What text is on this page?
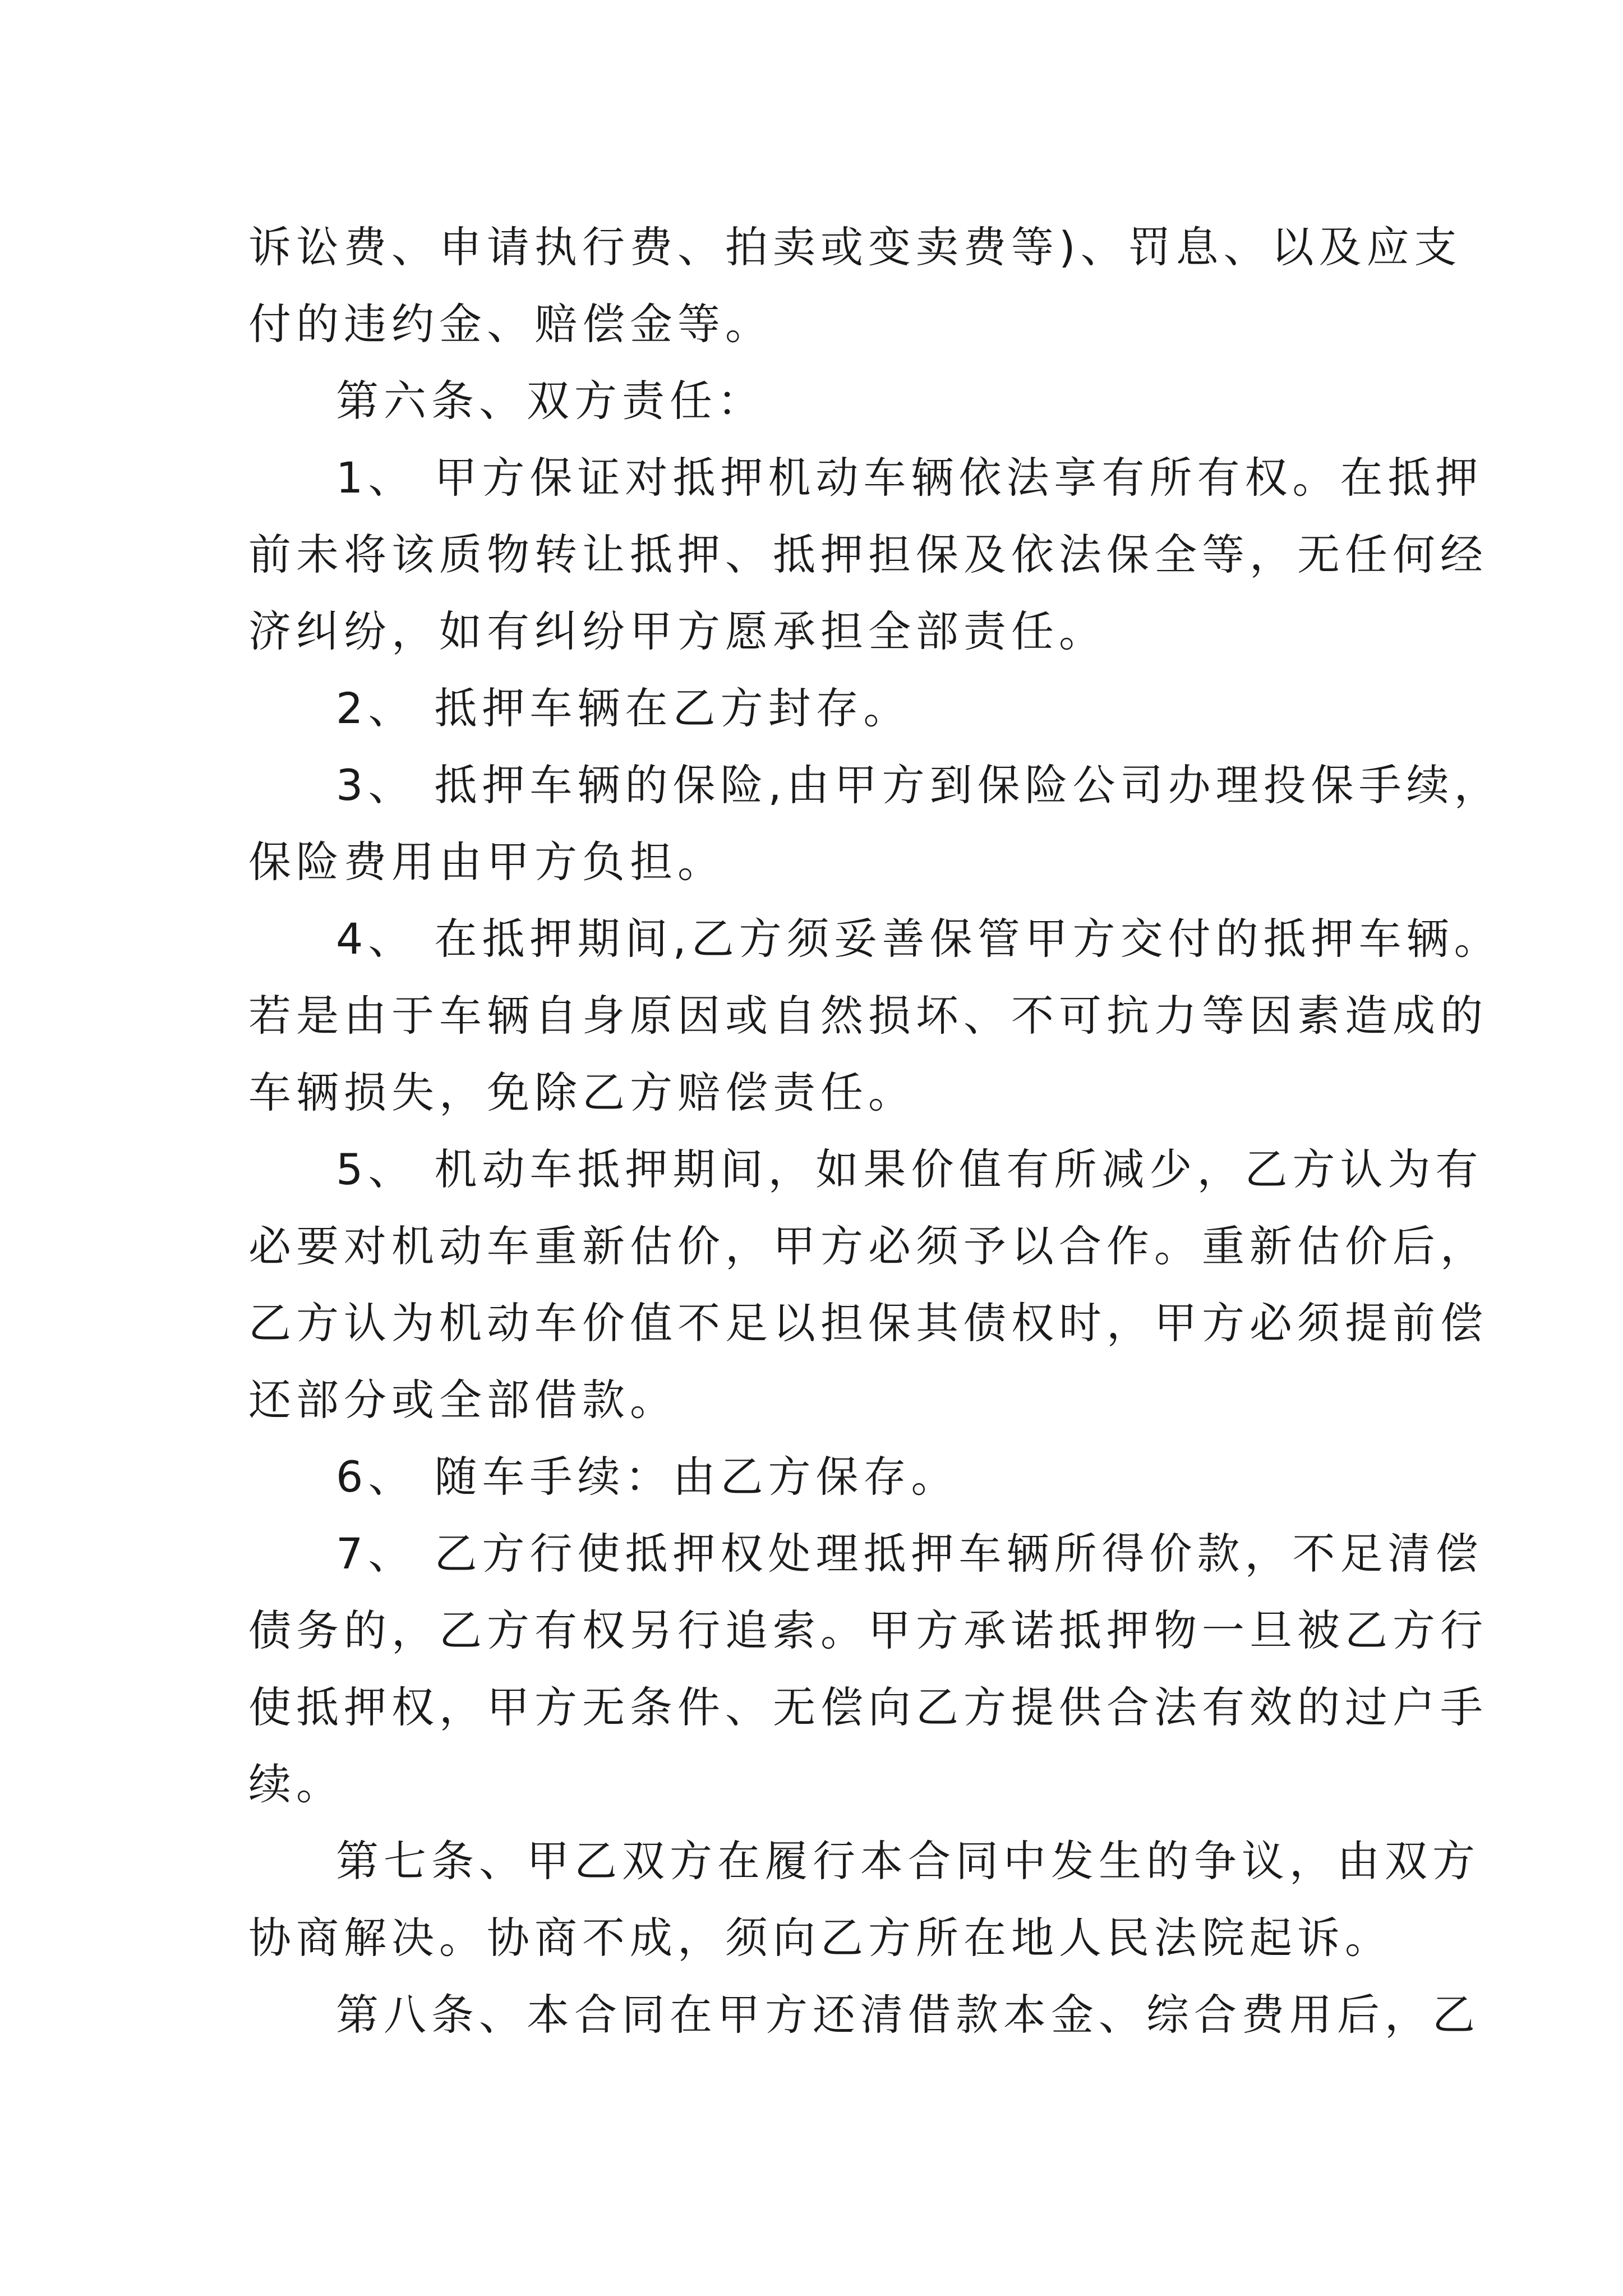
诉讼费、申请执行费、拍卖或变卖费等)、罚息、以及应支
付的违约金、赔偿金等。
第六条、双方责任：
1、 甲方保证对抵押机动车辆依法享有所有权。在抵押
前未将该质物转让抵押、抵押担保及依法保全等，无任何经
济纠纷，如有纠纷甲方愿承担全部责任。
2、 抵押车辆在乙方封存。
3、 抵押车辆的保险,由甲方到保险公司办理投保手续，
保险费用由甲方负担。
4、 在抵押期间,乙方须妥善保管甲方交付的抵押车辆。
若是由于车辆自身原因或自然损坏、不可抗力等因素造成的
车辆损失，免除乙方赔偿责任。
5、 机动车抵押期间，如果价值有所减少，乙方认为有
必要对机动车重新估价，甲方必须予以合作。重新估价后，
乙方认为机动车价值不足以担保其债权时，甲方必须提前偿
还部分或全部借款。
6、 随车手续：由乙方保存。
7、 乙方行使抵押权处理抵押车辆所得价款，不足清偿
债务的，乙方有权另行追索。甲方承诺抵押物一旦被乙方行
使抵押权，甲方无条件、无偿向乙方提供合法有效的过户手
续。
第七条、甲乙双方在履行本合同中发生的争议，由双方
协商解决。协商不成，须向乙方所在地人民法院起诉。
第八条、本合同在甲方还清借款本金、综合费用后，乙
